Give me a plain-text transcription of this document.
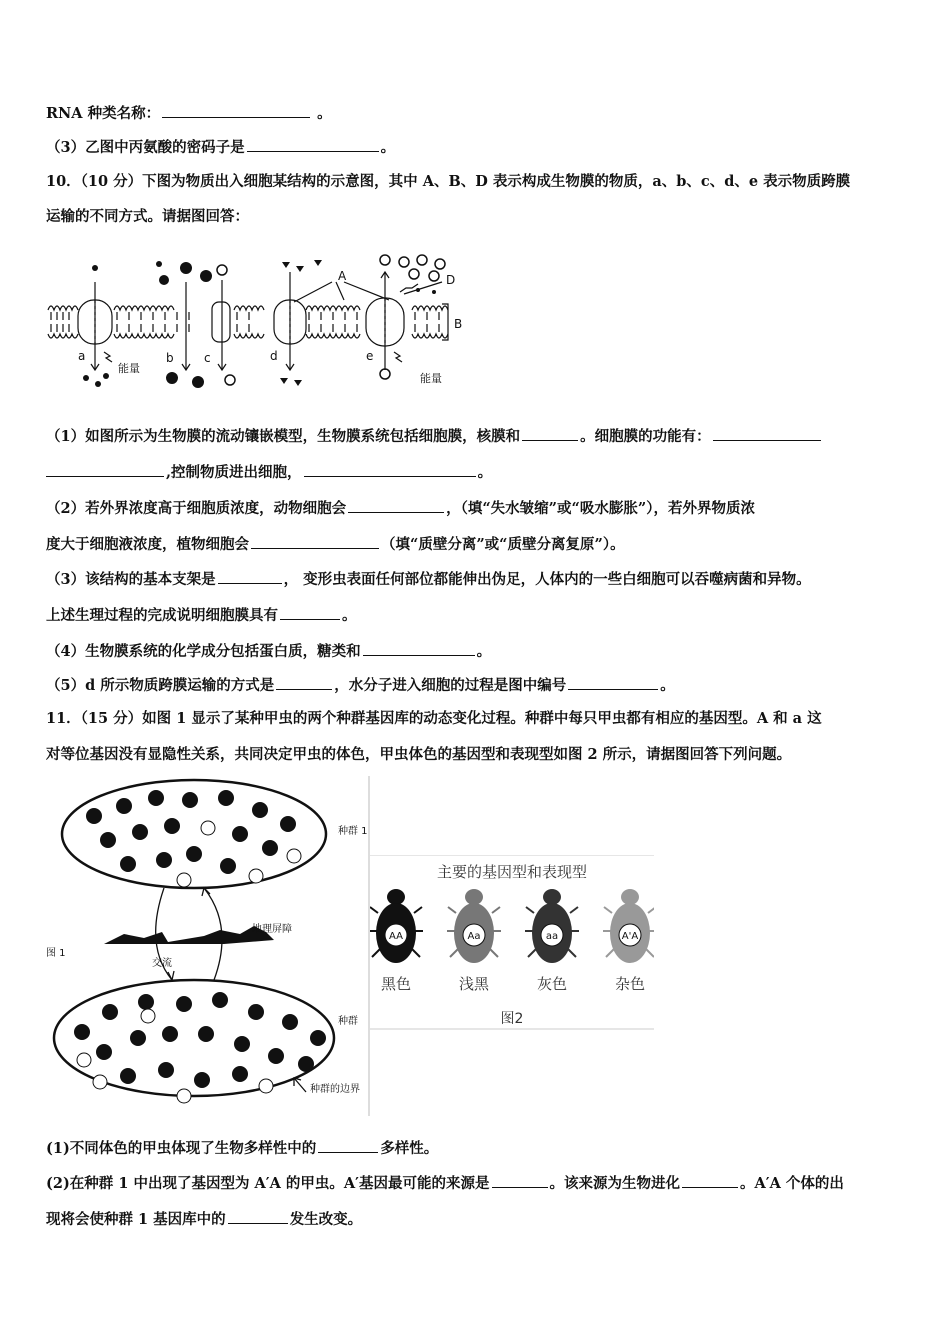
RNA 种类名称：	。
（3）乙图中丙氨酸的密码子是	。
10．（10 分）下图为物质出入细胞某结构的示意图，其中 A、B、D 表示构成生物膜的物质，a、b、c、d、e 表示物质跨膜
运输的不同方式。请据图回答：
A
B
D
a	b	c	d	e
能量
能量
（1）如图所示为生物膜的流动镶嵌模型，生物膜系统包括细胞膜，核膜和	。细胞膜的功能有：
,控制物质进出细胞，	。
（2）若外界浓度高于细胞质浓度，动物细胞会	，（填“失水皱缩”或“吸水膨胀”），若外界物质浓
度大于细胞液浓度，植物细胞会	（填“质壁分离”或“质壁分离复原”）。
（3）该结构的基本支架是	， 变形虫表面任何部位都能伸出伪足，人体内的一些白细胞可以吞噬病菌和异物。
上述生理过程的完成说明细胞膜具有	。
（4）生物膜系统的化学成分包括蛋白质，糖类和	。
（5）d 所示物质跨膜运输的方式是	，水分子进入细胞的过程是图中编号	。
11．（15 分）如图 1 显示了某种甲虫的两个种群基因库的动态变化过程。种群中每只甲虫都有相应的基因型。A 和 a 这
对等位基因没有显隐性关系，共同决定甲虫的体色，甲虫体色的基因型和表现型如图 2 所示，请据图回答下列问题。
种群 1
种群
地理屏障
交流
种群的边界
图 1
主要的基因型和表现型
AA
黑色
Aa
浅黑
aa
灰色
A'A
杂色
图2
(1)不同体色的甲虫体现了生物多样性中的	多样性。
(2)在种群 1 中出现了基因型为 A′A 的甲虫。A′基因最可能的来源是	。该来源为生物进化	。A′A 个体的出
现将会使种群 1 基因库中的	发生改变。
